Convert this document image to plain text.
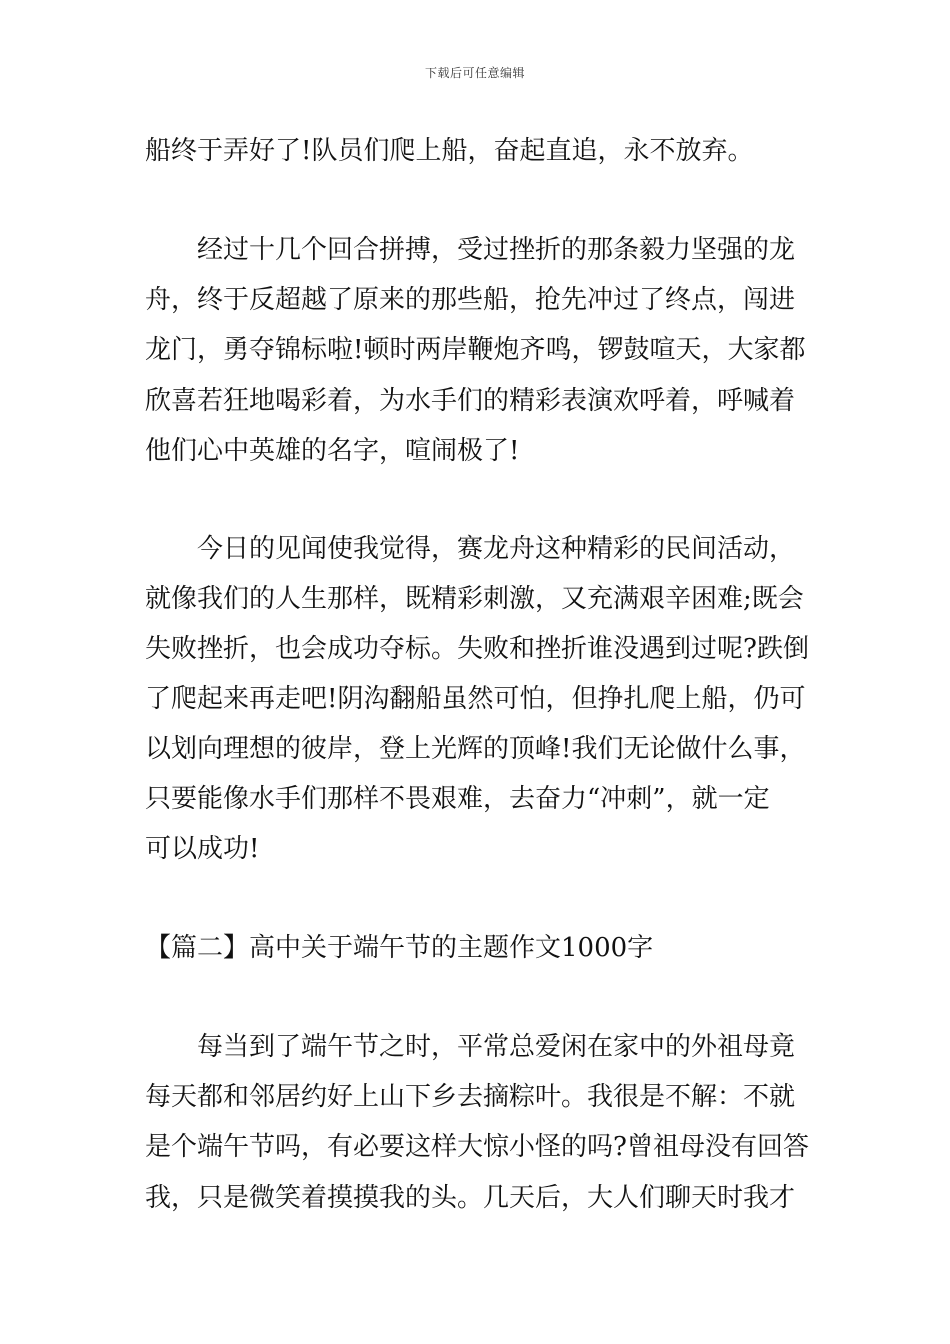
下载后可任意编辑
船终于弄好了!队员们爬上船，奋起直追，永不放弃。
　　经过十几个回合拼搏，受过挫折的那条毅力坚强的龙
舟，终于反超越了原来的那些船，抢先冲过了终点，闯进
龙门，勇夺锦标啦!顿时两岸鞭炮齐鸣，锣鼓喧天，大家都
欣喜若狂地喝彩着，为水手们的精彩表演欢呼着，呼喊着
他们心中英雄的名字，喧闹极了!
　　今日的见闻使我觉得，赛龙舟这种精彩的民间活动，
就像我们的人生那样，既精彩刺激，又充满艰辛困难;既会
失败挫折，也会成功夺标。失败和挫折谁没遇到过呢?跌倒
了爬起来再走吧!阴沟翻船虽然可怕，但挣扎爬上船，仍可
以划向理想的彼岸，登上光辉的顶峰!我们无论做什么事，
只要能像水手们那样不畏艰难，去奋力“冲刺”，就一定
可以成功!
【篇二】高中关于端午节的主题作文1000字
　　每当到了端午节之时，平常总爱闲在家中的外祖母竟
每天都和邻居约好上山下乡去摘粽叶。我很是不解：不就
是个端午节吗，有必要这样大惊小怪的吗?曾祖母没有回答
我，只是微笑着摸摸我的头。几天后，大人们聊天时我才
